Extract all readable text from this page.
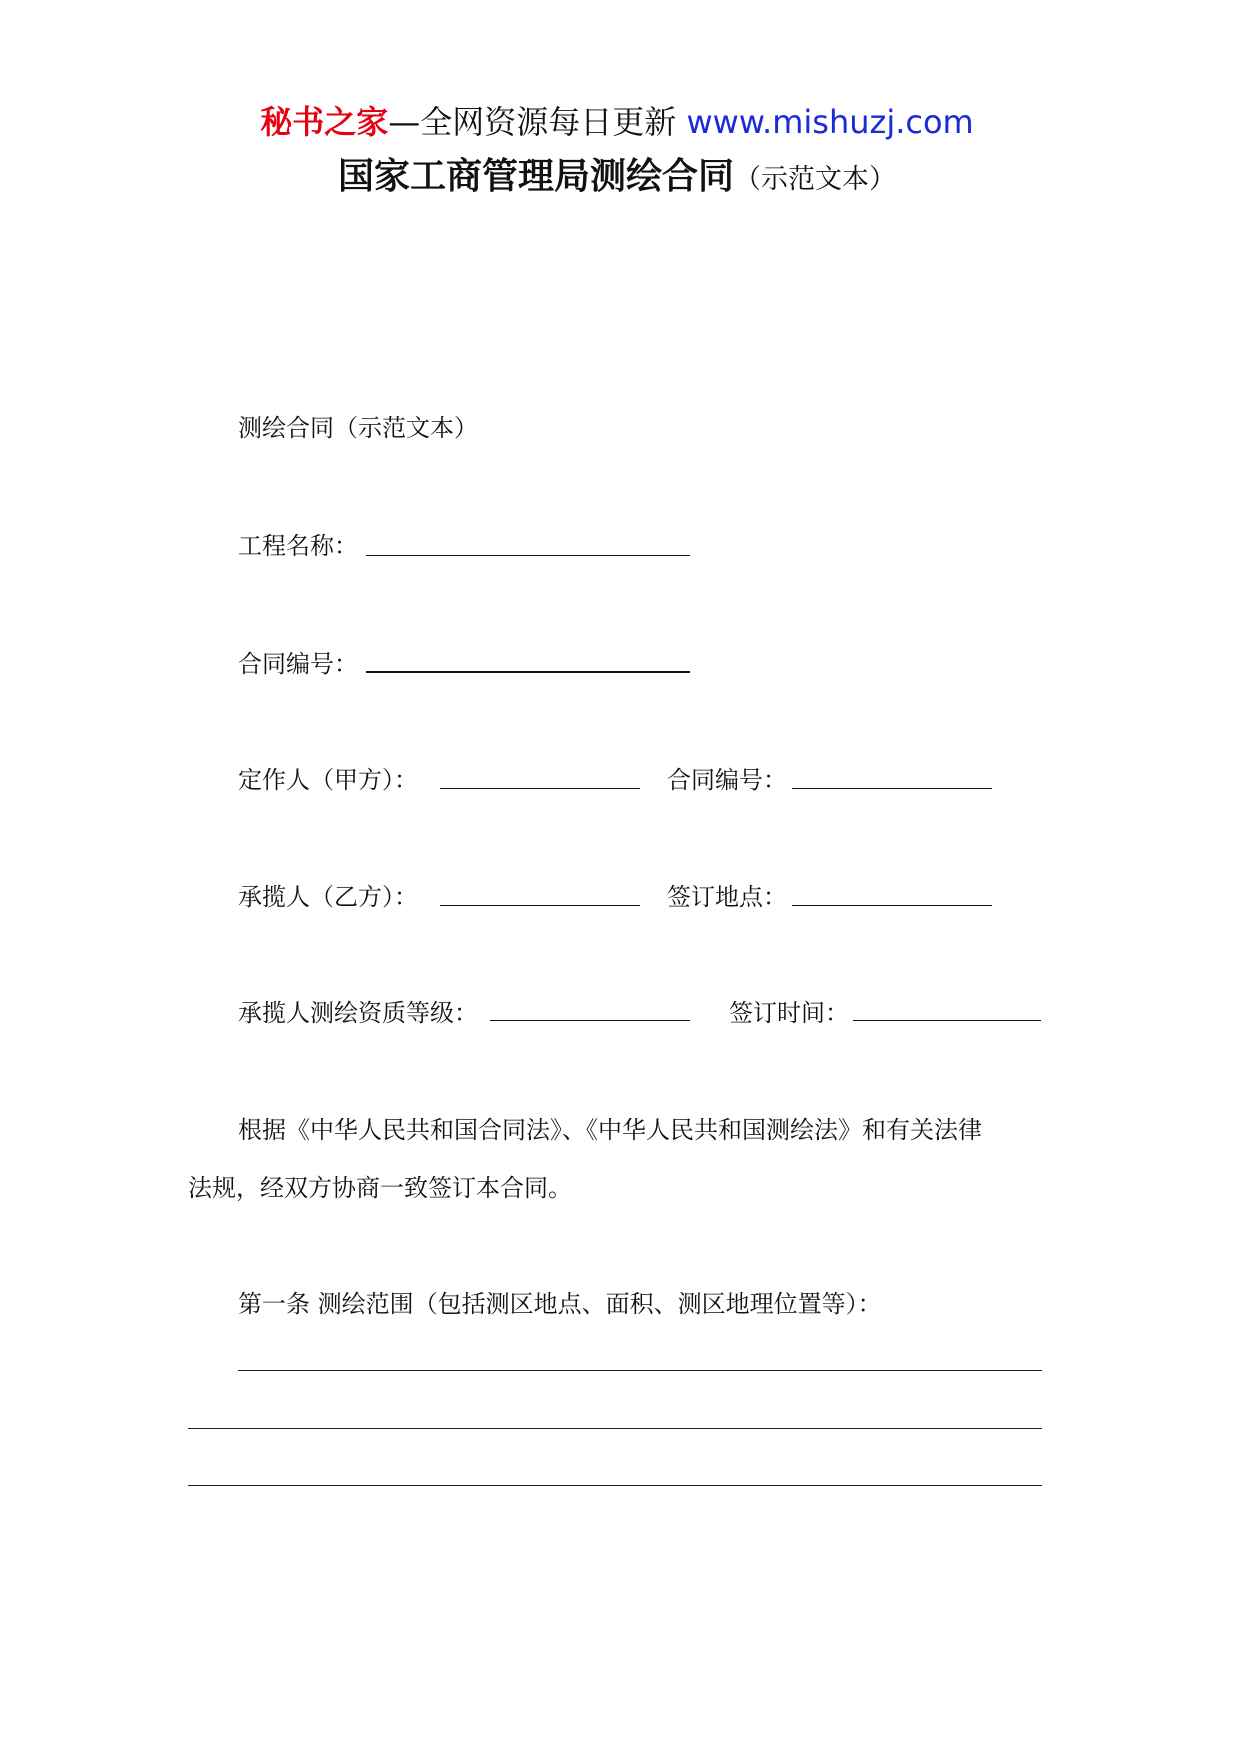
秘书之家—全网资源每日更新 www.mishuzj.com
国家工商管理局测绘合同（示范文本）
测绘合同（示范文本）
工程名称：
合同编号：
定作人（甲方）：	合同编号：
承揽人（乙方）：	签订地点：
承揽人测绘资质等级：	签订时间：
根据《中华人民共和国合同法》、《中华人民共和国测绘法》和有关法律
法规，经双方协商一致签订本合同。
第一条 测绘范围（包括测区地点、面积、测区地理位置等）：
